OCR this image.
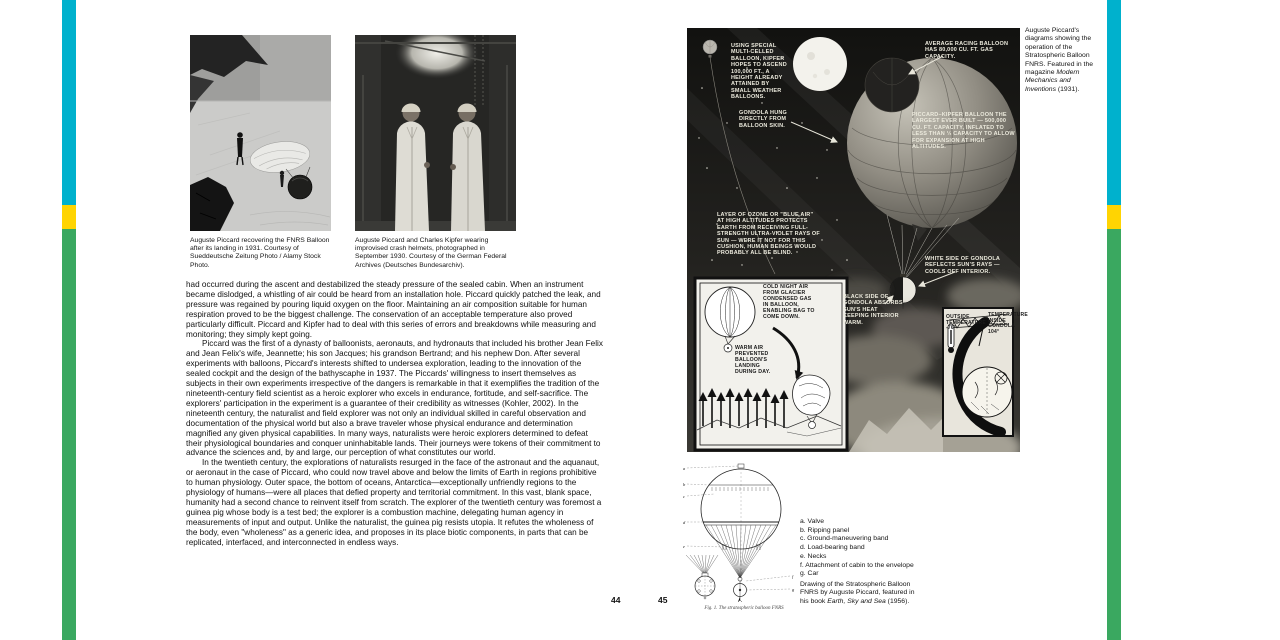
Auguste Piccard recovering the FNRS Balloon after its landing in 1931. Courtesy of Sueddeutsche Zeitung Photo / Alamy Stock Photo.
Auguste Piccard and Charles Kipfer wearing improvised crash helmets, photographed in September 1930. Courtesy of the German Federal Archives (Deutsches Bundesarchiv).

had occurred during the ascent and destabilized the steady pressure of the sealed cabin. When an instrument became dislodged, a whistling of air could be heard from an installation hole. Piccard quickly patched the leak, and pressure was regained by pouring liquid oxygen on the floor. Maintaining an air composition suitable for human respiration proved to be the biggest challenge. The conservation of an acceptable temperature also proved particularly difficult. Piccard and Kipfer had to deal with this series of errors and breakdowns while measuring and monitoring; they simply kept going.

Piccard was the first of a dynasty of balloonists, aeronauts, and hydronauts that included his brother Jean Felix and Jean Felix's wife, Jeannette; his son Jacques; his grandson Bertrand; and his nephew Don. After several experiments with balloons, Piccard's interests shifted to undersea exploration, leading to the innovation of the sealed cockpit and the design of the bathyscaphe in 1937. The Piccards' willingness to insert themselves as subjects in their own experiments irrespective of the dangers is remarkable in that it exemplifies the tradition of the nineteenth-century field scientist as a heroic explorer who excels in endurance, fortitude, and self-sacrifice. The explorers' participation in the experiment is a guarantee of their credibility as witnesses (Kohler, 2002). In the nineteenth century, the naturalist and field explorer was not only an individual skilled in careful observation and documentation of the physical world but also a brave traveler whose physical endurance and determination magnified any given physical capabilities. In many ways, naturalists were heroic explorers determined to defeat their physiological boundaries and conquer uninhabitable lands. Their journeys were tokens of their commitment to advance the sciences and, by and large, our perception of what constitutes our world.

In the twentieth century, the explorations of naturalists resurged in the face of the astronaut and the aquanaut, or aeronaut in the case of Piccard, who could now travel above and below the limits of Earth in regions prohibitive to human physiology. Outer space, the bottom of oceans, Antarctica—exceptionally unfriendly regions to the physiology of humans—were all places that defied property and territorial commitment. In this vast, blank space, humanity had a second chance to reinvent itself from scratch. The explorer of the twentieth century was foremost a guinea pig whose body is a test bed; the explorer is a combustion machine, delegating human agency in measurements of input and output. Unlike the naturalist, the guinea pig resists utopia. It refutes the wholeness of the body, even "wholeness" as a generic idea, and proposes in its place biotic components, in parts that can be replicated, interfaced, and interconnected in endless ways.

44	45
USING SPECIAL MULTI-CELLED BALLOON, KIPFER HOPES TO ASCEND 100,000 FT., A HEIGHT ALREADY ATTAINED BY SMALL WEATHER BALLOONS.
GONDOLA HUNG DIRECTLY FROM BALLOON SKIN.
AVERAGE RACING BALLOON HAS 80,000 CU. FT. GAS CAPACITY.
PICCARD–KIPFER BALLOON THE LARGEST EVER BUILT — 500,000 CU. FT. CAPACITY, INFLATED TO LESS THAN ⅓ CAPACITY TO ALLOW FOR EXPANSION AT HIGH ALTITUDES.
LAYER OF OZONE OR "BLUE AIR" AT HIGH ALTITUDES PROTECTS EARTH FROM RECEIVING FULL-STRENGTH ULTRA-VIOLET RAYS OF SUN — WERE IT NOT FOR THIS CUSHION, HUMAN BEINGS WOULD PROBABLY ALL BE BLIND.
COLD NIGHT AIR FROM GLACIER CONDENSED GAS IN BALLOON, ENABLING BAG TO COME DOWN.
WARM AIR PREVENTED BALLOON'S LANDING DURING DAY.
WHITE SIDE OF GONDOLA REFLECTS SUN'S RAYS — COOLS OFF INTERIOR.
BLACK SIDE OF GONDOLA ABSORBS SUN'S HEAT KEEPING INTERIOR WARM.
OUTSIDE TEMPERATURE -76°
TEMPERATURE INSIDE GONDOLA 104°
a
b
c
d
e
f
g
Fig. 1. The stratospheric balloon FNRS
a. Valve
b. Ripping panel
c. Ground-maneuvering band
d. Load-bearing band
e. Necks
f. Attachment of cabin to the envelope
g. Car
Drawing of the Stratospheric Balloon FNRS by Auguste Piccard, featured in his book Earth, Sky and Sea (1956).
Auguste Piccard's diagrams showing the operation of the Stratospheric Balloon FNRS. Featured in the magazine Modern Mechanics and Inventions (1931).
